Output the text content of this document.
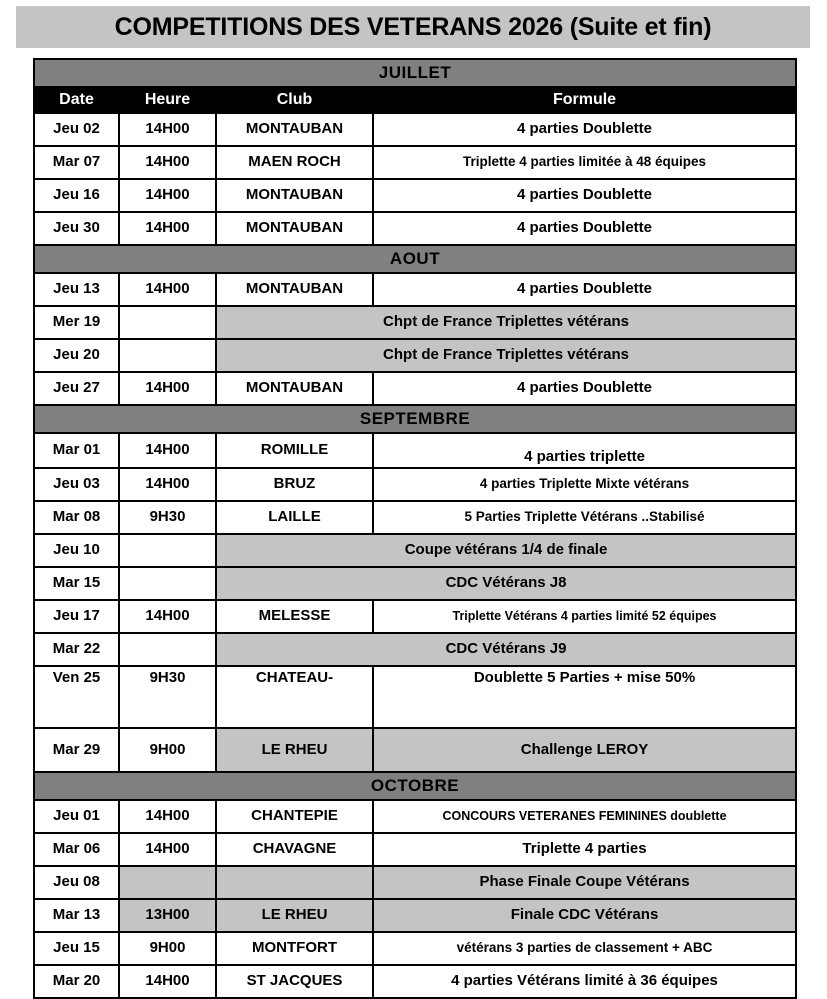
COMPETITIONS DES VETERANS 2026 (Suite et fin)
JUILLET			
Date	Heure	Club	Formule
Jeu 02	14H00	MONTAUBAN	4 parties Doublette
Mar 07	14H00	MAEN ROCH	Triplette 4 parties limitée à 48 équipes
Jeu 16	14H00	MONTAUBAN	4 parties Doublette
Jeu 30	14H00	MONTAUBAN	4 parties Doublette
AOUT			
Jeu 13	14H00	MONTAUBAN	4 parties Doublette
Mer 19		Chpt de France Triplettes vétérans	
Jeu 20		Chpt de France Triplettes vétérans	
Jeu 27	14H00	MONTAUBAN	4 parties Doublette
SEPTEMBRE			
Mar 01	14H00	ROMILLE	4 parties triplette
Jeu 03	14H00	BRUZ	4 parties Triplette Mixte vétérans
Mar 08	9H30	LAILLE	5 Parties Triplette Vétérans ..Stabilisé
Jeu 10		Coupe vétérans 1/4 de finale	
Mar 15		CDC Vétérans J8	
Jeu 17	14H00	MELESSE	Triplette Vétérans 4 parties limité 52 équipes
Mar 22		CDC Vétérans J9	
Ven 25	9H30	CHATEAU-	Doublette 5 Parties + mise 50%
Mar 29	9H00	LE RHEU	Challenge LEROY
OCTOBRE			
Jeu 01	14H00	CHANTEPIE	CONCOURS VETERANES FEMININES doublette
Mar 06	14H00	CHAVAGNE	Triplette 4 parties
Jeu 08			Phase Finale Coupe Vétérans
Mar 13	13H00	LE RHEU	Finale CDC Vétérans
Jeu 15	9H00	MONTFORT	vétérans 3 parties de classement + ABC
Mar 20	14H00	ST JACQUES	4 parties Vétérans limité à 36 équipes
